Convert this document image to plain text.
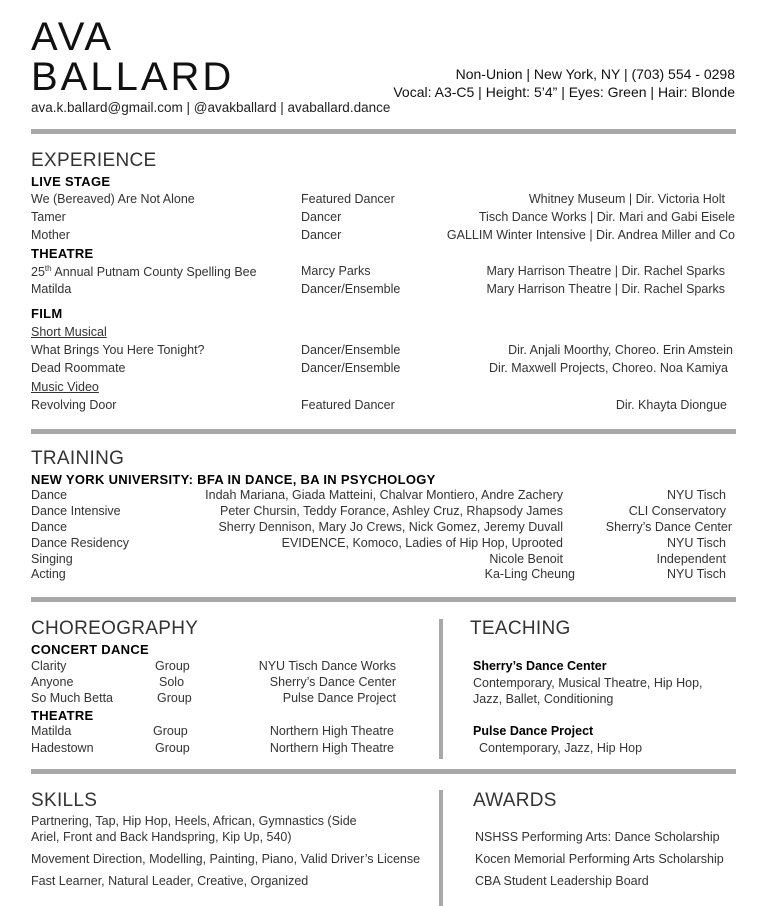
AVA
BALLARD
ava.k.ballard@gmail.com | @avakballard | avaballard.dance
Non-Union | New York, NY | (703) 554 - 0298
Vocal: A3-C5 | Height: 5’4” | Eyes: Green | Hair: Blonde
EXPERIENCE
LIVE STAGE
We (Bereaved) Are Not Alone	Featured Dancer	Whitney Museum | Dir. Victoria Holt
Tamer	Dancer	Tisch Dance Works | Dir. Mari and Gabi Eisele
Mother	Dancer	GALLIM Winter Intensive | Dir. Andrea Miller and Co
THEATRE
25th Annual Putnam County Spelling Bee	Marcy Parks	Mary Harrison Theatre | Dir. Rachel Sparks
Matilda	Dancer/Ensemble	Mary Harrison Theatre | Dir. Rachel Sparks
FILM
Short Musical
What Brings You Here Tonight?	Dancer/Ensemble	Dir. Anjali Moorthy, Choreo. Erin Amstein
Dead Roommate	Dancer/Ensemble	Dir. Maxwell Projects, Choreo. Noa Kamiya
Music Video
Revolving Door	Featured Dancer	Dir. Khayta Diongue
TRAINING
NEW YORK UNIVERSITY: BFA IN DANCE, BA IN PSYCHOLOGY
Dance	Indah Mariana, Giada Matteini, Chalvar Montiero, Andre Zachery	NYU Tisch
Dance Intensive	Peter Chursin, Teddy Forance, Ashley Cruz, Rhapsody James	CLI Conservatory
Dance	Sherry Dennison, Mary Jo Crews, Nick Gomez, Jeremy Duvall	Sherry’s Dance Center
Dance Residency	EVIDENCE, Komoco, Ladies of Hip Hop, Uprooted	NYU Tisch
Singing	Nicole Benoit	Independent
Acting	Ka-Ling Cheung	NYU Tisch
CHOREOGRAPHY
CONCERT DANCE
Clarity	Group	NYU Tisch Dance Works
Anyone	Solo	Sherry’s Dance Center
So Much Betta	Group	Pulse Dance Project
THEATRE
Matilda	Group	Northern High Theatre
Hadestown	Group	Northern High Theatre
TEACHING
Sherry’s Dance Center
Contemporary, Musical Theatre, Hip Hop,
Jazz, Ballet, Conditioning
Pulse Dance Project
Contemporary, Jazz, Hip Hop
SKILLS
Partnering, Tap, Hip Hop, Heels, African, Gymnastics (Side
Ariel, Front and Back Handspring, Kip Up, 540)
Movement Direction, Modelling, Painting, Piano, Valid Driver’s License
Fast Learner, Natural Leader, Creative, Organized
AWARDS
NSHSS Performing Arts: Dance Scholarship
Kocen Memorial Performing Arts Scholarship
CBA Student Leadership Board
